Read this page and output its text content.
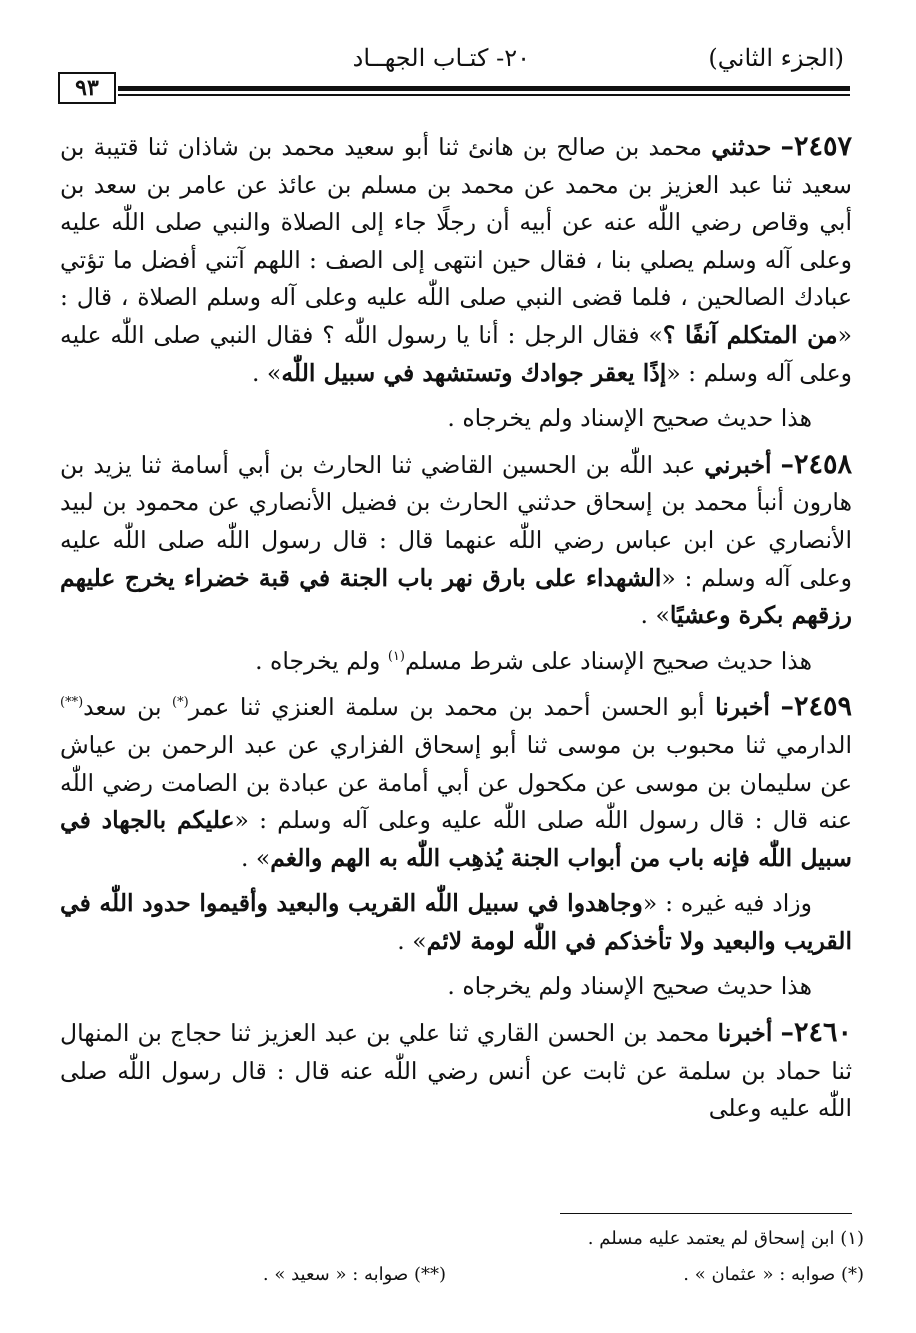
(الجزء الثاني)
٢٠- كتـاب الجهــاد
٩٣

٢٤٥٧– حدثني محمد بن صالح بن هانئ ثنا أبو سعيد محمد بن شاذان ثنا قتيبة بن سعيد ثنا عبد العزيز بن محمد عن محمد بن مسلم بن عائذ عن عامر بن سعد بن أبي وقاص رضي اللّٰه عنه عن أبيه أن رجلًا جاء إلى الصلاة والنبي صلى اللّٰه عليه وعلى آله وسلم يصلي بنا ، فقال حين انتهى إلى الصف : اللهم آتني أفضل ما تؤتي عبادك الصالحين ، فلما قضى النبي صلى اللّٰه عليه وعلى آله وسلم الصلاة ، قال : «من المتكلم آنفًا ؟» فقال الرجل : أنا يا رسول اللّٰه ؟ فقال النبي صلى اللّٰه عليه وعلى آله وسلم : «إذًا يعقر جوادك وتستشهد في سبيل اللّٰه» .

هذا حديث صحيح الإسناد ولم يخرجاه .

٢٤٥٨– أخبرني عبد اللّٰه بن الحسين القاضي ثنا الحارث بن أبي أسامة ثنا يزيد بن هارون أنبأ محمد بن إسحاق حدثني الحارث بن فضيل الأنصاري عن محمود بن لبيد الأنصاري عن ابن عباس رضي اللّٰه عنهما قال : قال رسول اللّٰه صلى اللّٰه عليه وعلى آله وسلم : «الشهداء على بارق نهر باب الجنة في قبة خضراء يخرج عليهم رزقهم بكرة وعشيًا» .

هذا حديث صحيح الإسناد على شرط مسلم$^{(١)}$ ولم يخرجاه .

٢٤٥٩– أخبرنا أبو الحسن أحمد بن محمد بن سلمة العنزي ثنا عمر(*) بن سعد(**) الدارمي ثنا محبوب بن موسى ثنا أبو إسحاق الفزاري عن عبد الرحمن بن عياش عن سليمان بن موسى عن مكحول عن أبي أمامة عن عبادة بن الصامت رضي اللّٰه عنه قال : قال رسول اللّٰه صلى اللّٰه عليه وعلى آله وسلم : «عليكم بالجهاد في سبيل اللّٰه فإنه باب من أبواب الجنة يُذهِب اللّٰه به الهم والغم» .

وزاد فيه غيره : «وجاهدوا في سبيل اللّٰه القريب والبعيد وأقيموا حدود اللّٰه في القريب والبعيد ولا تأخذكم في اللّٰه لومة لائم» .

هذا حديث صحيح الإسناد ولم يخرجاه .

٢٤٦٠– أخبرنا محمد بن الحسن القاري ثنا علي بن عبد العزيز ثنا حجاج بن المنهال ثنا حماد بن سلمة عن ثابت عن أنس رضي اللّٰه عنه قال : قال رسول اللّٰه صلى اللّٰه عليه وعلى

(١) ابن إسحاق لم يعتمد عليه مسلم .
(*) صوابه : « عثمان » .
(**) صوابه : « سعيد » .
